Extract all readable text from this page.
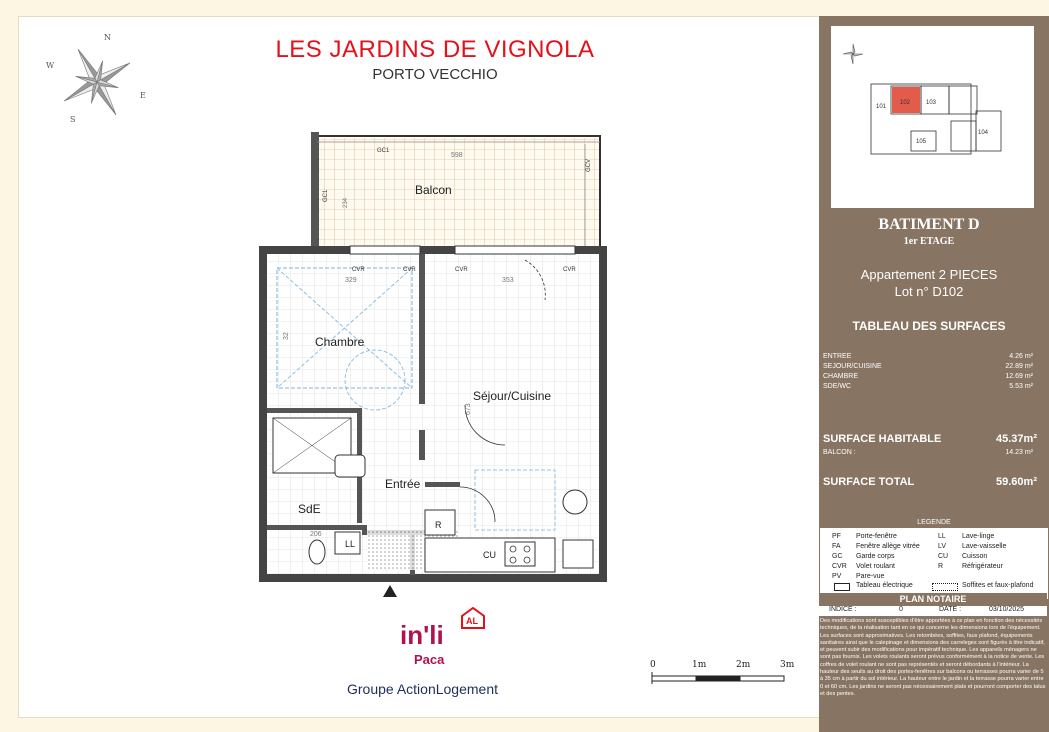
LES JARDINS DE VIGNOLA
PORTO VECCHIO
N
S
E
W
598
GC1
GC1
234
GCV
329	353
673
206
32
CVR	CVR	CVR	CVR
Balcon
Chambre
Séjour/Cuisine
Entrée
SdE
LL
CU
R
in'li AL
Paca
Groupe ActionLogement
0	1m	2m	3m
101
102	103
104
105
BATIMENT D
1er ETAGE
Appartement 2 PIECES
Lot n° D102
TABLEAU DES SURFACES
ENTREE	4.26 m²
SEJOUR/CUISINE	22.89 m²
CHAMBRE	12.69 m²
SDE/WC	5.53 m²
SURFACE HABITABLE	45.37m²
BALCON :	14.23 m²
SURFACE TOTAL	59.60m²
LEGENDE
PF Porte-fenêtre	LL Lave-linge
FA Fenêtre allège vitrée	LV Lave-vaisselle
GC Garde corps	CU Cuisson
CVR Volet roulant	R	Réfrigérateur
PV Pare-vue
Tableau électrique	Soffites et faux-plafond
PLAN NOTAIRE
INDICE :	0	DATE :	03/10/2025
Des modifications sont susceptibles d'être apportées à ce plan en fonction des nécessités techniques, de la réalisation tant en ce qui concerne les dimensions lors de l'équipement. Les surfaces sont approximatives. Les retombées, soffites, faux plafond, équipements sanitaires ainsi que le calepinage et dimensions des carreleges sont figurés à titre indicatif, et peuvent subir des modifications pour impératif technique. Les appareils ménagers ne sont pas fournis. Les volets roulants seront prévus conformément à la notice de vente. Les coffres de volet roulant ne sont pas représentés et seront débordants à l'intérieur. La hauteur des seuils au droit des portes-fenêtres sur balcons ou terrasses pourra varier de 5 à 35 cm à partir du sol intérieur. La hauteur entre le jardin et la terrasse pourra varier entre 0 et 60 cm. Les jardins ne seront pas nécessairement plats et pourront comporter des talus et des pentes.
